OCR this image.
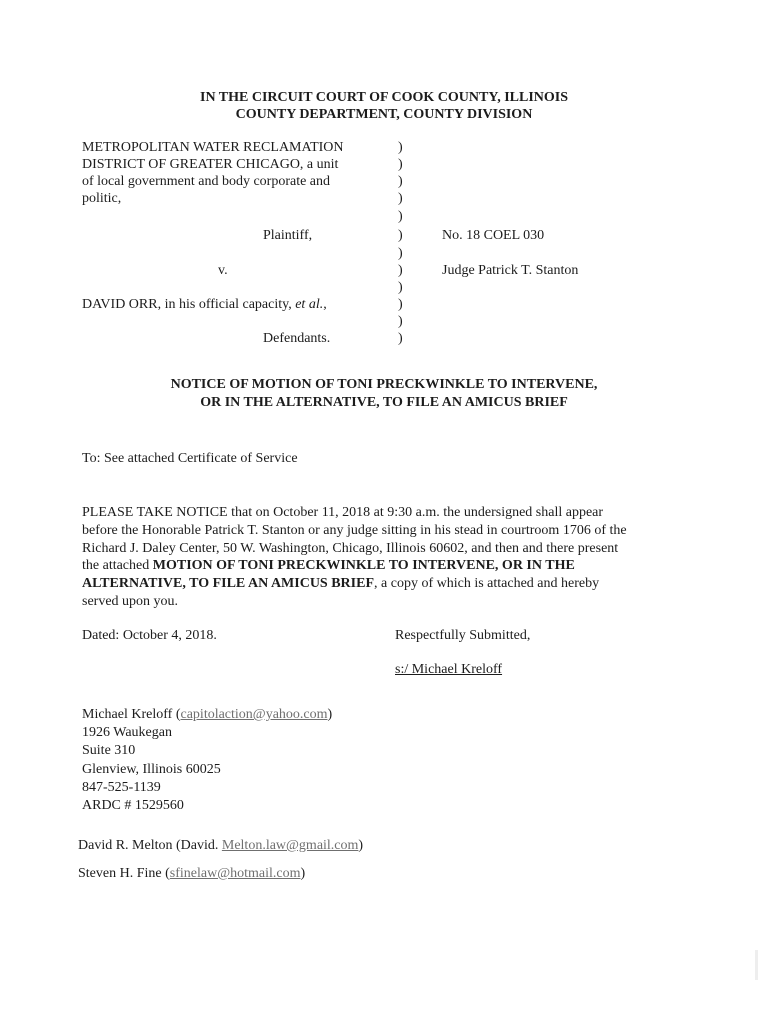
IN THE CIRCUIT COURT OF COOK COUNTY, ILLINOIS
COUNTY DEPARTMENT, COUNTY DIVISION
METROPOLITAN WATER RECLAMATION
DISTRICT OF GREATER CHICAGO, a unit
of local government and body corporate and
politic,
Plaintiff,
v.
DAVID ORR, in his official capacity, et al.,
Defendants.
)
)
)
)
)
)
)
)
)
)
)
)
No. 18 COEL 030
Judge Patrick T. Stanton
NOTICE OF MOTION OF TONI PRECKWINKLE TO INTERVENE,
OR IN THE ALTERNATIVE, TO FILE AN AMICUS BRIEF
To: See attached Certificate of Service
PLEASE TAKE NOTICE that on October 11, 2018 at 9:30 a.m. the undersigned shall appear
before the Honorable Patrick T. Stanton or any judge sitting in his stead in courtroom 1706 of the
Richard J. Daley Center, 50 W. Washington, Chicago, Illinois 60602, and then and there present
the attached MOTION OF TONI PRECKWINKLE TO INTERVENE, OR IN THE
ALTERNATIVE, TO FILE AN AMICUS BRIEF, a copy of which is attached and hereby
served upon you.
Dated: October 4, 2018.	Respectfully Submitted,
s:/ Michael Kreloff
Michael Kreloff (capitolaction@yahoo.com)
1926 Waukegan
Suite 310
Glenview, Illinois 60025
847-525-1139
ARDC # 1529560
David R. Melton (David. Melton.law@gmail.com)
Steven H. Fine (sfinelaw@hotmail.com)
